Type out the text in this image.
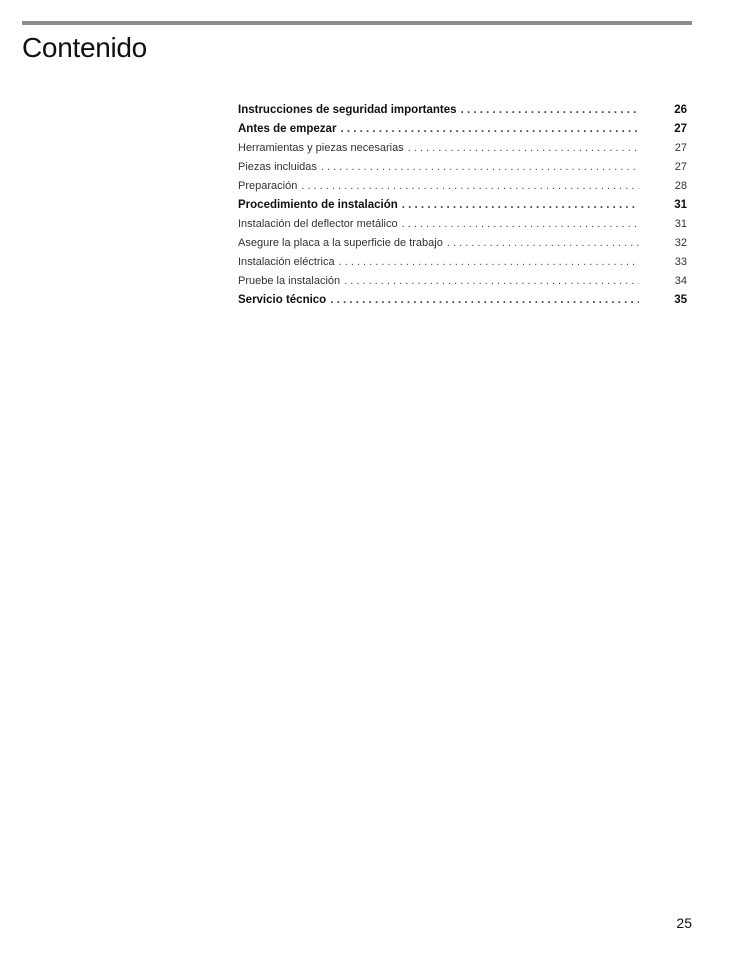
Contenido
Instrucciones de seguridad importantes . . .	26
Antes de empezar . . .	27
Herramientas y piezas necesarias . . .	27
Piezas incluidas . . .	27
Preparación . . .	28
Procedimiento de instalación . . .	31
Instalación del deflector metálico . . .	31
Asegure la placa a la superficie de trabajo . . .	32
Instalación eléctrica . . .	33
Pruebe la instalación . . .	34
Servicio técnico . . .	35
25
